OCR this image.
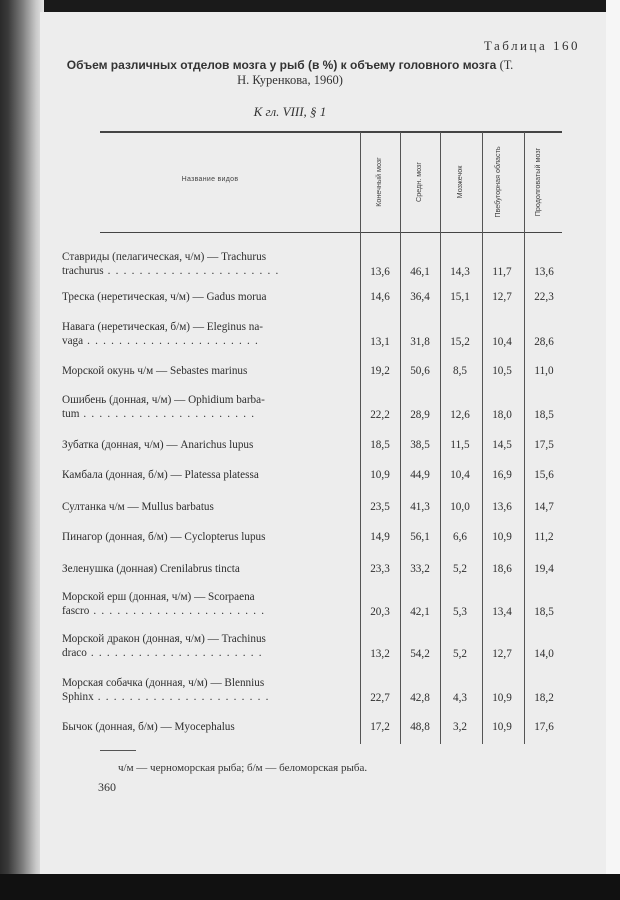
Таблица 160
Объем различных отделов мозга у рыб (в %) к объему головного мозга (Т. Н. Куренкова, 1960)
К гл. VIII, § 1
Название видов	Конечный мозг	Средн. мозг	Мозжечок	Пвебугорная область	Продолговатый мозг
Ставриды (пелагическая, ч/м) — Trachurus
trachurus . . . . . . . . . . . . . . . . . . . . . .	13,6	46,1	14,3	11,7	13,6
Треска (неретическая, ч/м) — Gadus morua	14,6	36,4	15,1	12,7	22,3
Навага (неретическая, б/м) — Eleginus na-
vaga . . . . . . . . . . . . . . . . . . . . . .	13,1	31,8	15,2	10,4	28,6
Морской окунь ч/м — Sebastes marinus	19,2	50,6	8,5	10,5	11,0
Ошибень (донная, ч/м) — Ophidium barba-
tum . . . . . . . . . . . . . . . . . . . . . .	22,2	28,9	12,6	18,0	18,5
Зубатка (донная, ч/м) — Anarichus lupus	18,5	38,5	11,5	14,5	17,5
Камбала (донная, б/м) — Platessa platessa	10,9	44,9	10,4	16,9	15,6
Султанка ч/м — Mullus barbatus	23,5	41,3	10,0	13,6	14,7
Пинагор (донная, б/м) — Cyclopterus lupus	14,9	56,1	6,6	10,9	11,2
Зеленушка (донная) Crenilabrus tincta	23,3	33,2	5,2	18,6	19,4
Морской ерш (донная, ч/м) — Scorpaena
fascro . . . . . . . . . . . . . . . . . . . . . .	20,3	42,1	5,3	13,4	18,5
Морской дракон (донная, ч/м) — Trachinus
draco . . . . . . . . . . . . . . . . . . . . . .	13,2	54,2	5,2	12,7	14,0
Морская собачка (донная, ч/м) — Blennius
Sphinx . . . . . . . . . . . . . . . . . . . . . .	22,7	42,8	4,3	10,9	18,2
Бычок (донная, б/м) — Myocephalus	17,2	48,8	3,2	10,9	17,6
ч/м — черноморская рыба; б/м — беломорская рыба.
360
